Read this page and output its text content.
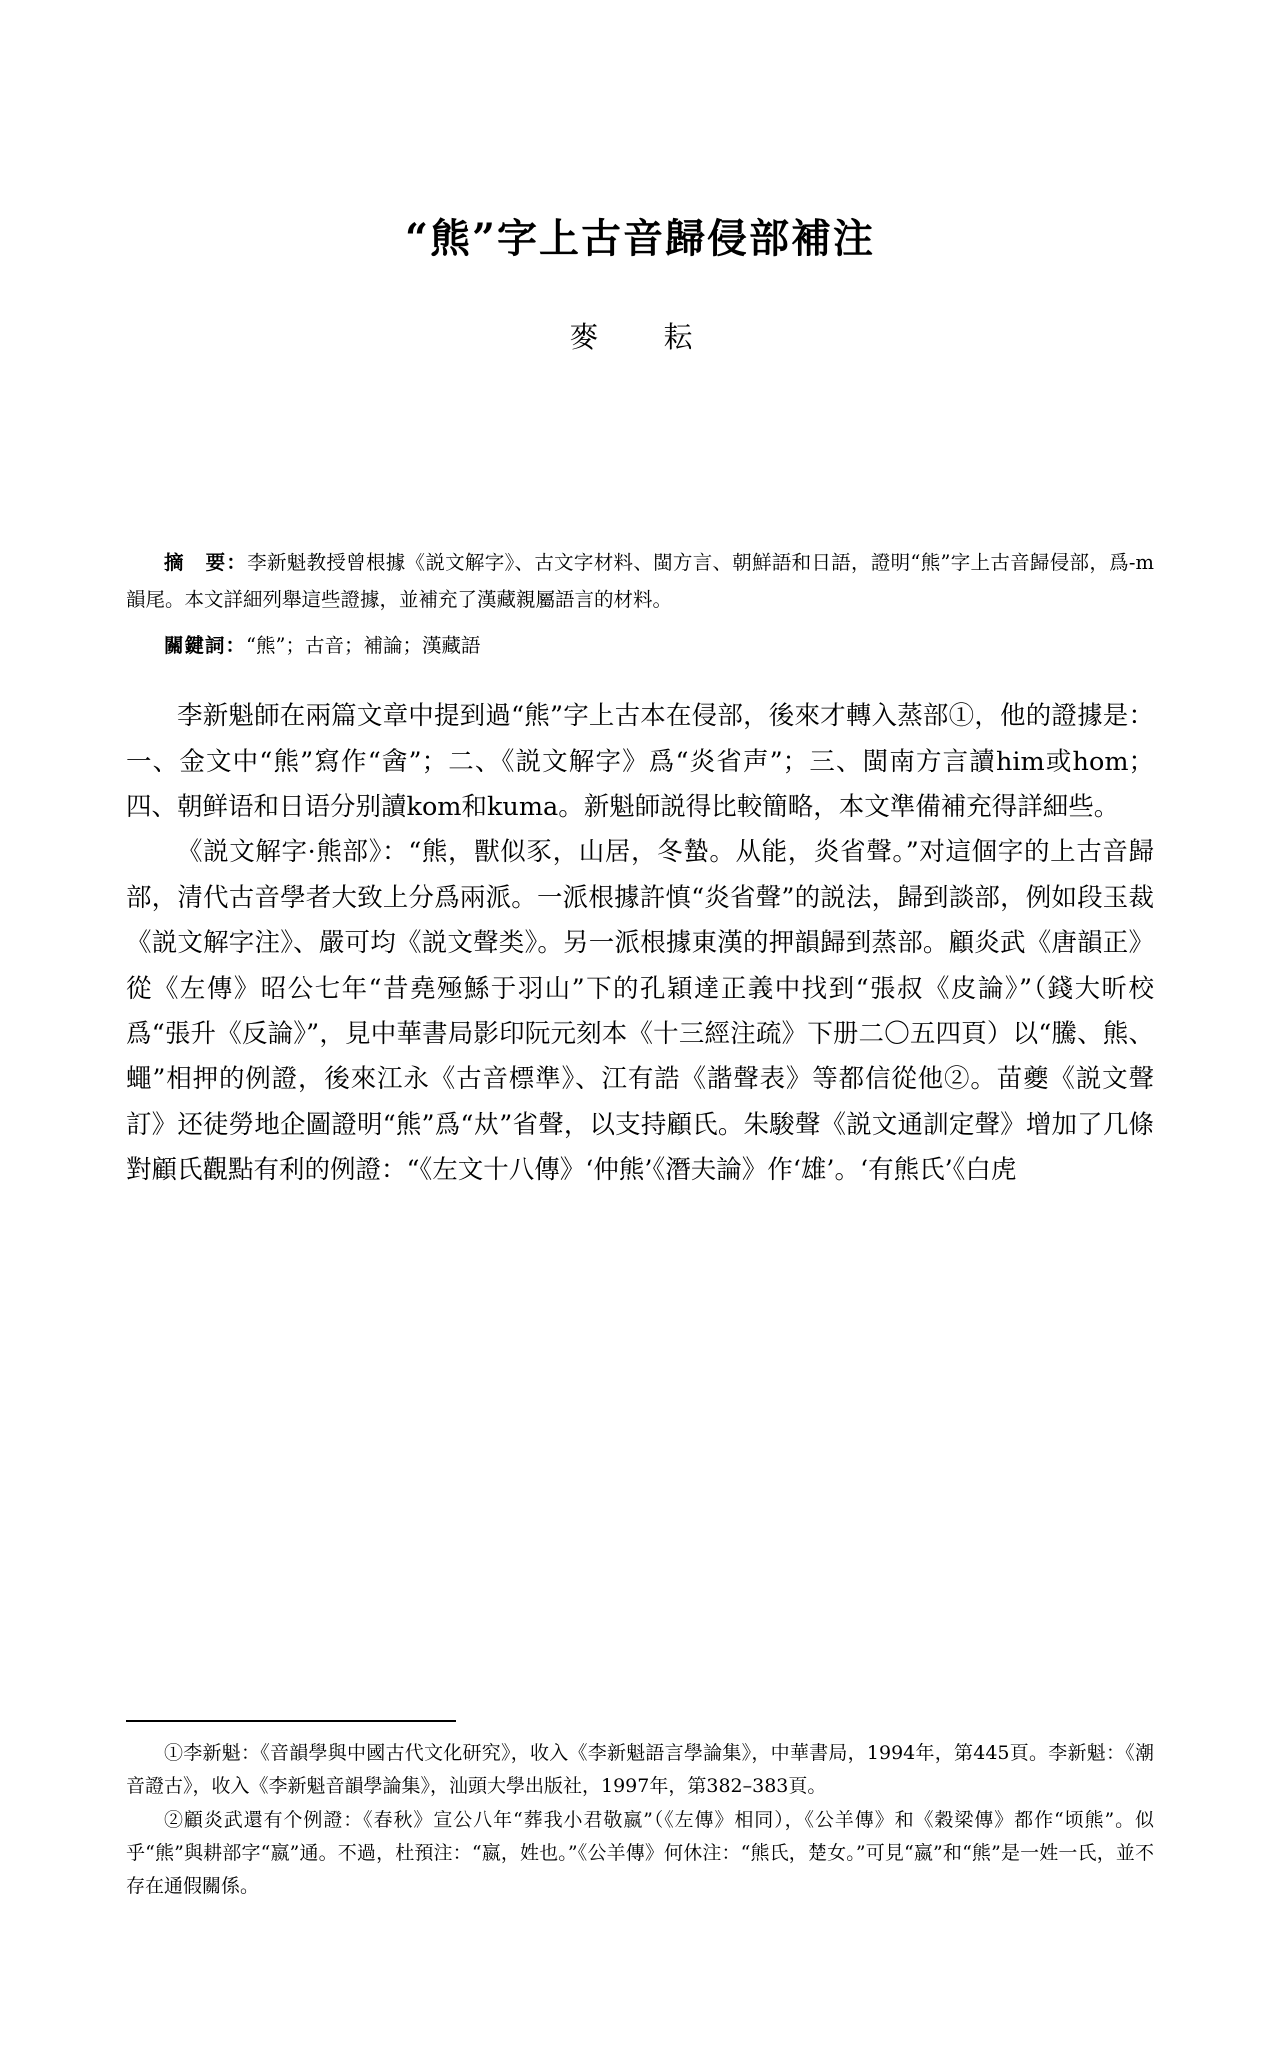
“熊”字上古音歸侵部補注
麥　耘
摘　要：李新魁教授曾根據《説文解字》、古文字材料、閩方言、朝鮮語和日語，證明“熊”字上古音歸侵部，爲-m韻尾。本文詳細列舉這些證據，並補充了漢藏親屬語言的材料。
關鍵詞：“熊”；古音；補論；漢藏語

李新魁師在兩篇文章中提到過“熊”字上古本在侵部，後來才轉入蒸部①，他的證據是：一、金文中“熊”寫作“酓”；二、《説文解字》爲“炎省声”；三、閩南方言讀him或hom；四、朝鲜语和日语分别讀kom和kuma。新魁師説得比較簡略，本文準備補充得詳細些。

《説文解字·熊部》：“熊，獸似豕，山居，冬蟄。从能，炎省聲。”对這個字的上古音歸部，清代古音學者大致上分爲兩派。一派根據許慎“炎省聲”的説法，歸到談部，例如段玉裁《説文解字注》、嚴可均《説文聲类》。另一派根據東漢的押韻歸到蒸部。顧炎武《唐韻正》從《左傳》昭公七年“昔堯殛鯀于羽山”下的孔穎達正義中找到“張叔《皮論》”（錢大昕校爲“張升《反論》”，見中華書局影印阮元刻本《十三經注疏》下册二〇五四頁）以“騰、熊、蠅”相押的例證，後來江永《古音標準》、江有誥《諧聲表》等都信從他②。苗夔《説文聲訂》还徒勞地企圖證明“熊”爲“夶”省聲，以支持顧氏。朱駿聲《説文通訓定聲》增加了几條對顧氏觀點有利的例證：“《左文十八傳》‘仲熊’《潛夫論》作‘雄’。‘有熊氏’《白虎

①李新魁：《音韻學與中國古代文化研究》，收入《李新魁語言學論集》，中華書局，1994年，第445頁。李新魁：《潮音證古》，收入《李新魁音韻學論集》，汕頭大學出版社，1997年，第382–383頁。

②顧炎武還有个例證：《春秋》宣公八年“葬我小君敬嬴”（《左傳》相同），《公羊傳》和《穀梁傳》都作“顷熊”。似乎“熊”與耕部字“嬴”通。不過，杜預注：“嬴，姓也。”《公羊傳》何休注：“熊氏，楚女。”可見“嬴”和“熊”是一姓一氏，並不存在通假關係。
